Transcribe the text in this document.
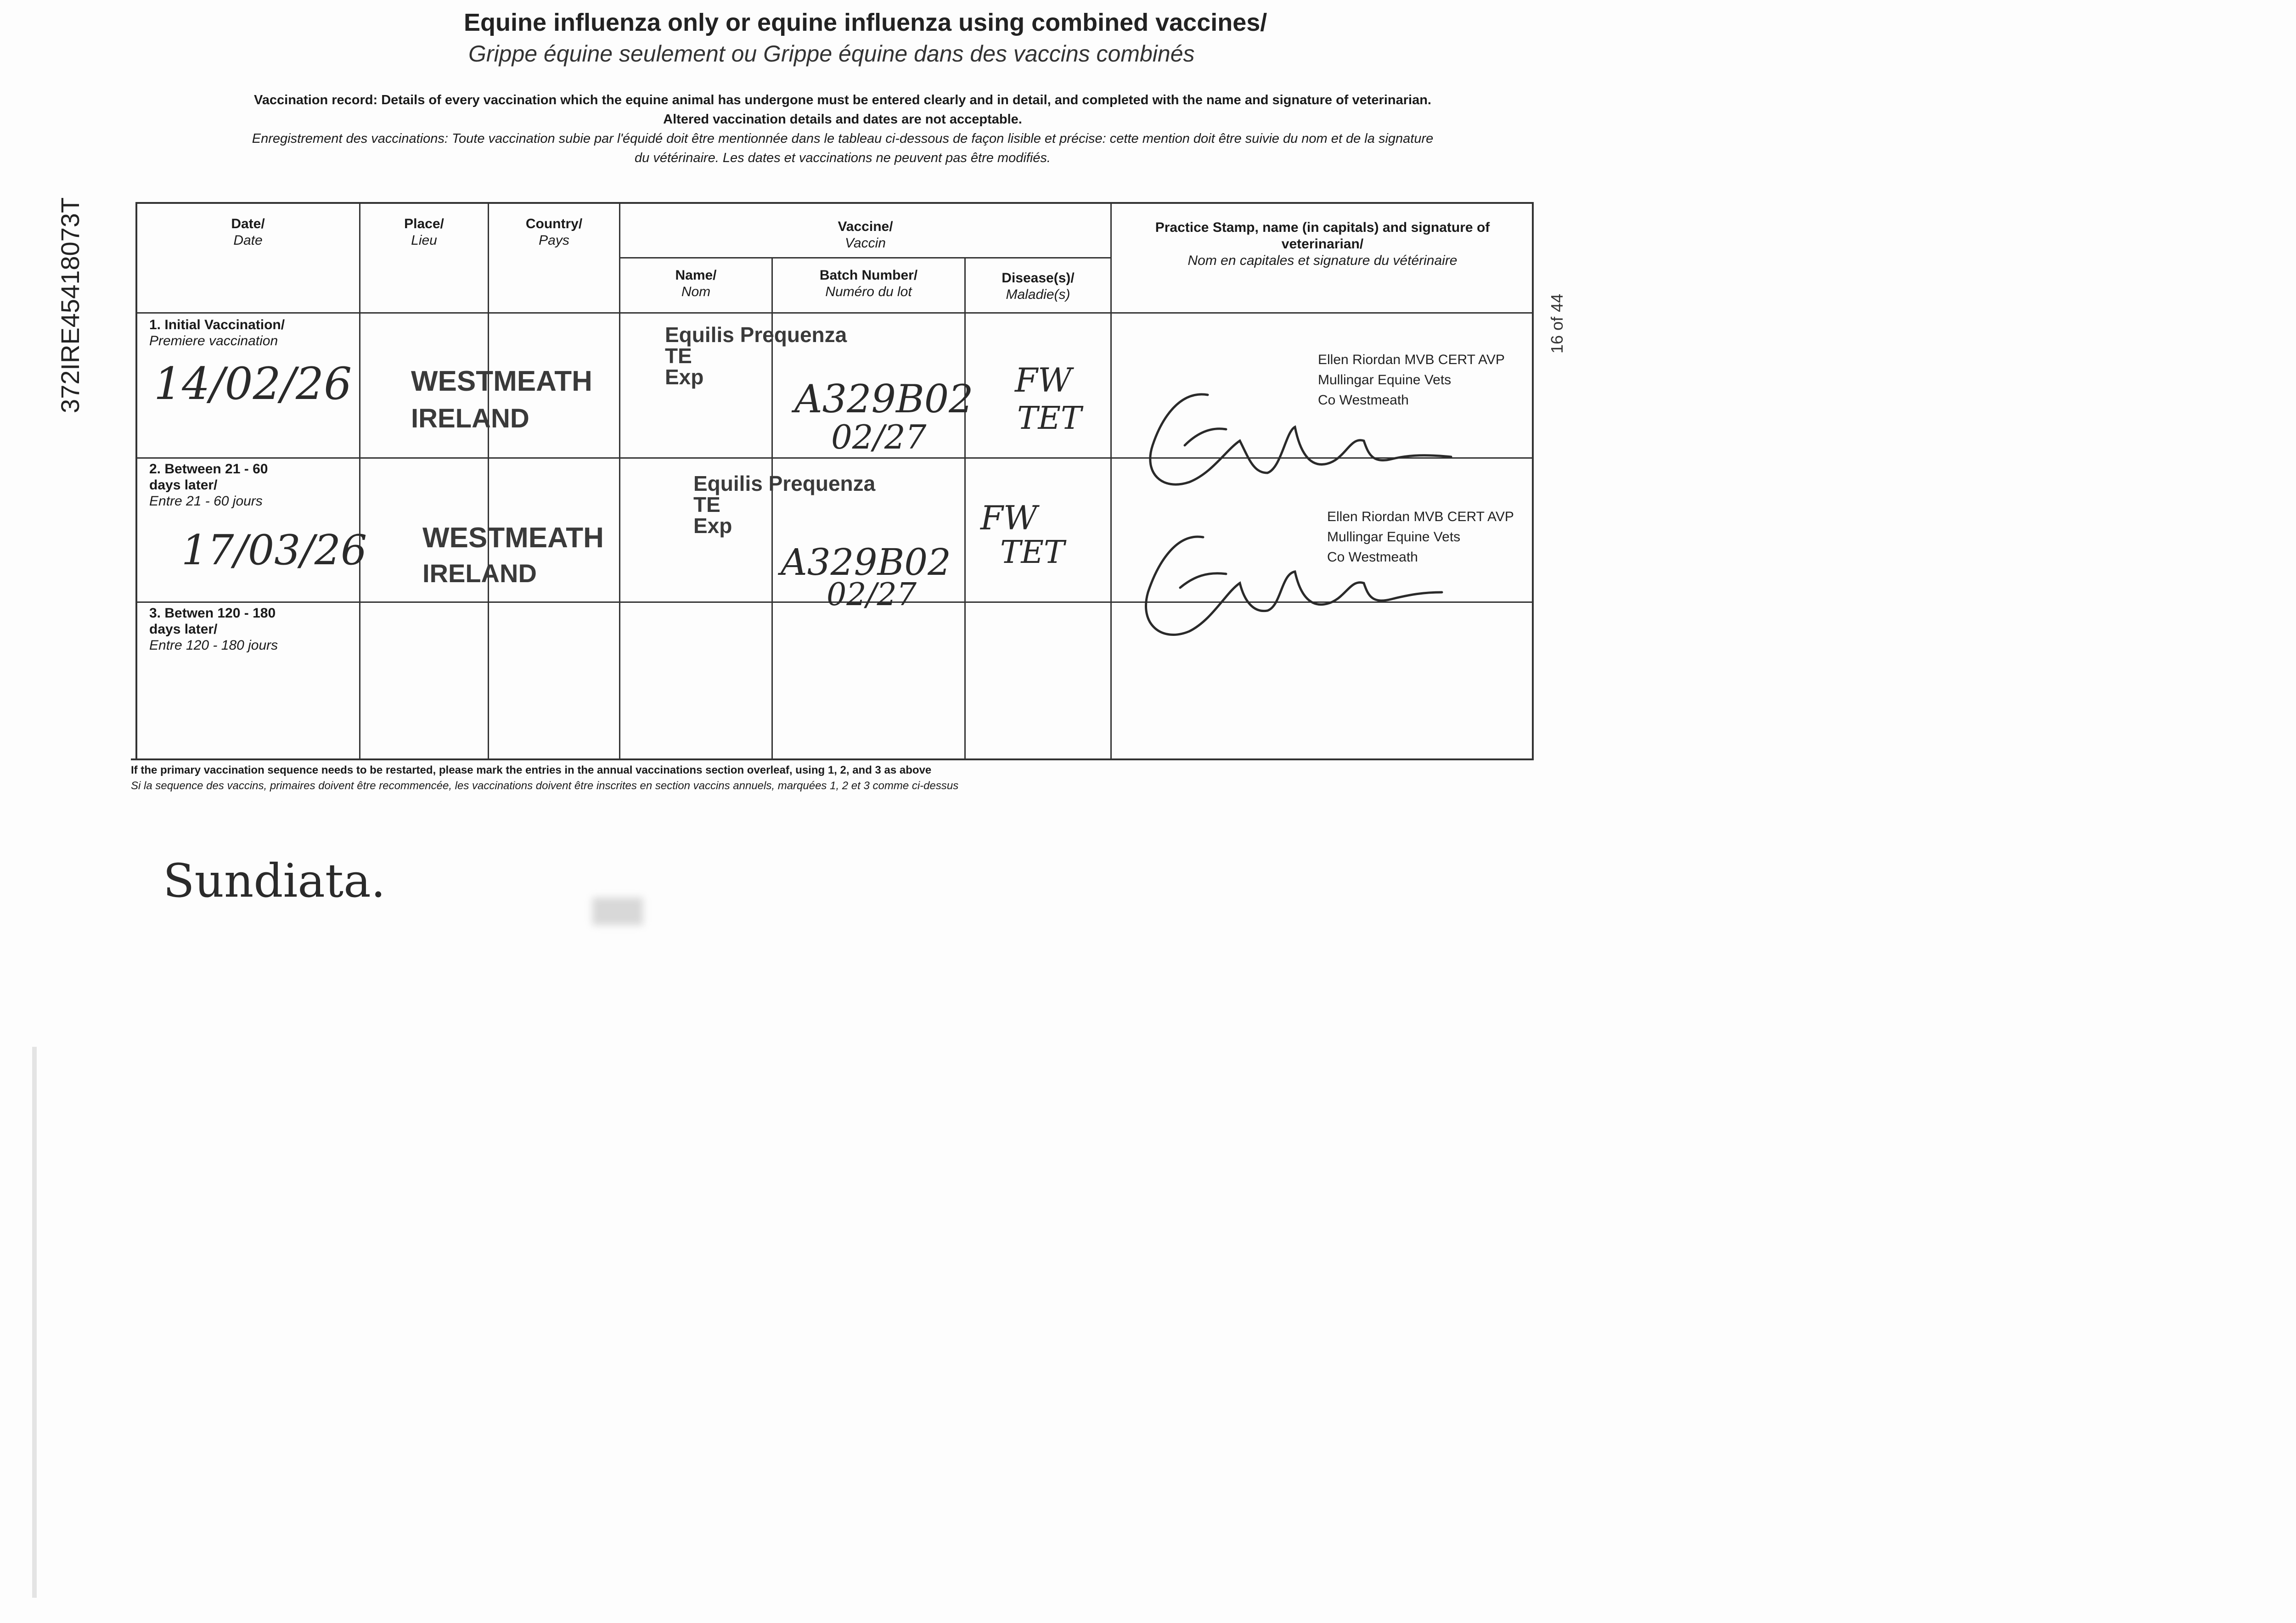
Equine influenza only or equine influenza using combined vaccines/
Grippe équine seulement ou Grippe équine dans des vaccins combinés
Vaccination record: Details of every vaccination which the equine animal has undergone must be entered clearly and in detail, and completed with the name and signature of veterinarian.
Altered vaccination details and dates are not acceptable.
Enregistrement des vaccinations: Toute vaccination subie par l'équidé doit être mentionnée dans le tableau ci-dessous de façon lisible et précise: cette mention doit être suivie du nom et de la signature
du vétérinaire. Les dates et vaccinations ne peuvent pas être modifiés.
372IRE45418073T	16 of 44
Date/
Date
Place/
Lieu
Country/
Pays
Vaccine/
Vaccin
Name/
Nom
Batch Number/
Numéro du lot
Disease(s)/
Maladie(s)
Practice Stamp, name (in capitals) and signature of veterinarian/
Nom en capitales et signature du vétérinaire
1. Initial Vaccination/
Premiere vaccination
14/02/26 WESTMEATH
IRELAND
Equilis Prequenza
TE
Exp	A329B02
02/27
FW
TET
Ellen Riordan MVB CERT AVP
Mullingar Equine Vets
Co Westmeath
2. Between 21 - 60
days later/
Entre 21 - 60 jours
17/03/26 WESTMEATH
IRELAND
Equilis Prequenza
TE
Exp
A329B02
02/27
FW
TET
Ellen Riordan MVB CERT AVP
Mullingar Equine Vets
Co Westmeath
3. Betwen 120 - 180
days later/
Entre 120 - 180 jours
If the primary vaccination sequence needs to be restarted, please mark the entries in the annual vaccinations section overleaf, using 1, 2, and 3 as above
Si la sequence des vaccins, primaires doivent être recommencée, les vaccinations doivent être inscrites en section vaccins annuels, marquées 1, 2 et 3 comme ci-dessus
Sundiata.
